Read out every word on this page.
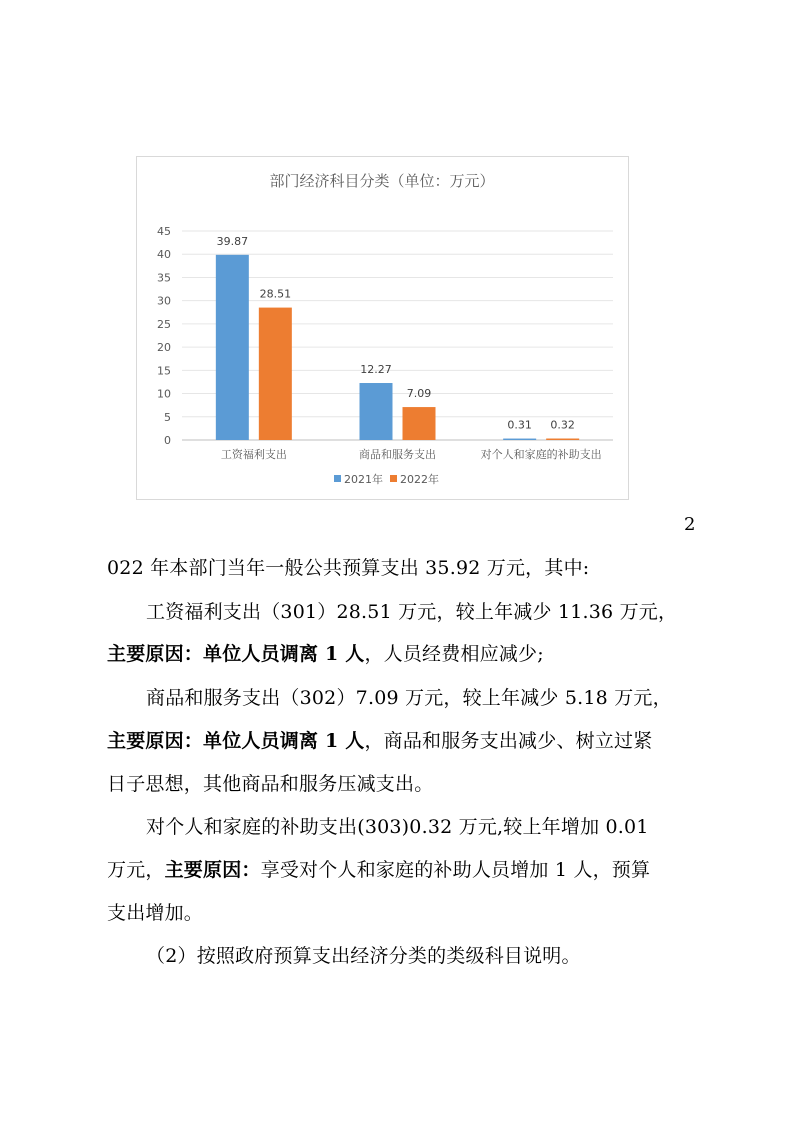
部门经济科目分类（单位：万元）
0
5
10
15
20
25
30
35
40
45
39.87
28.51
工资福利支出
12.27
7.09
商品和服务支出
0.31 0.32
对个人和家庭的补助支出
2021年 2022年
2
022 年本部门当年一般公共预算支出 35.92 万元，其中:
工资福利支出（301）28.51 万元，较上年减少 11.36 万元，
主要原因：单位人员调离 1 人，人员经费相应减少;
商品和服务支出（302）7.09 万元，较上年减少 5.18 万元，
主要原因：单位人员调离 1 人，商品和服务支出减少、树立过紧
日子思想，其他商品和服务压减支出。
对个人和家庭的补助支出(303)0.32 万元,较上年增加 0.01
万元，主要原因：享受对个人和家庭的补助人员增加 1 人，预算
支出增加。
（2）按照政府预算支出经济分类的类级科目说明。
